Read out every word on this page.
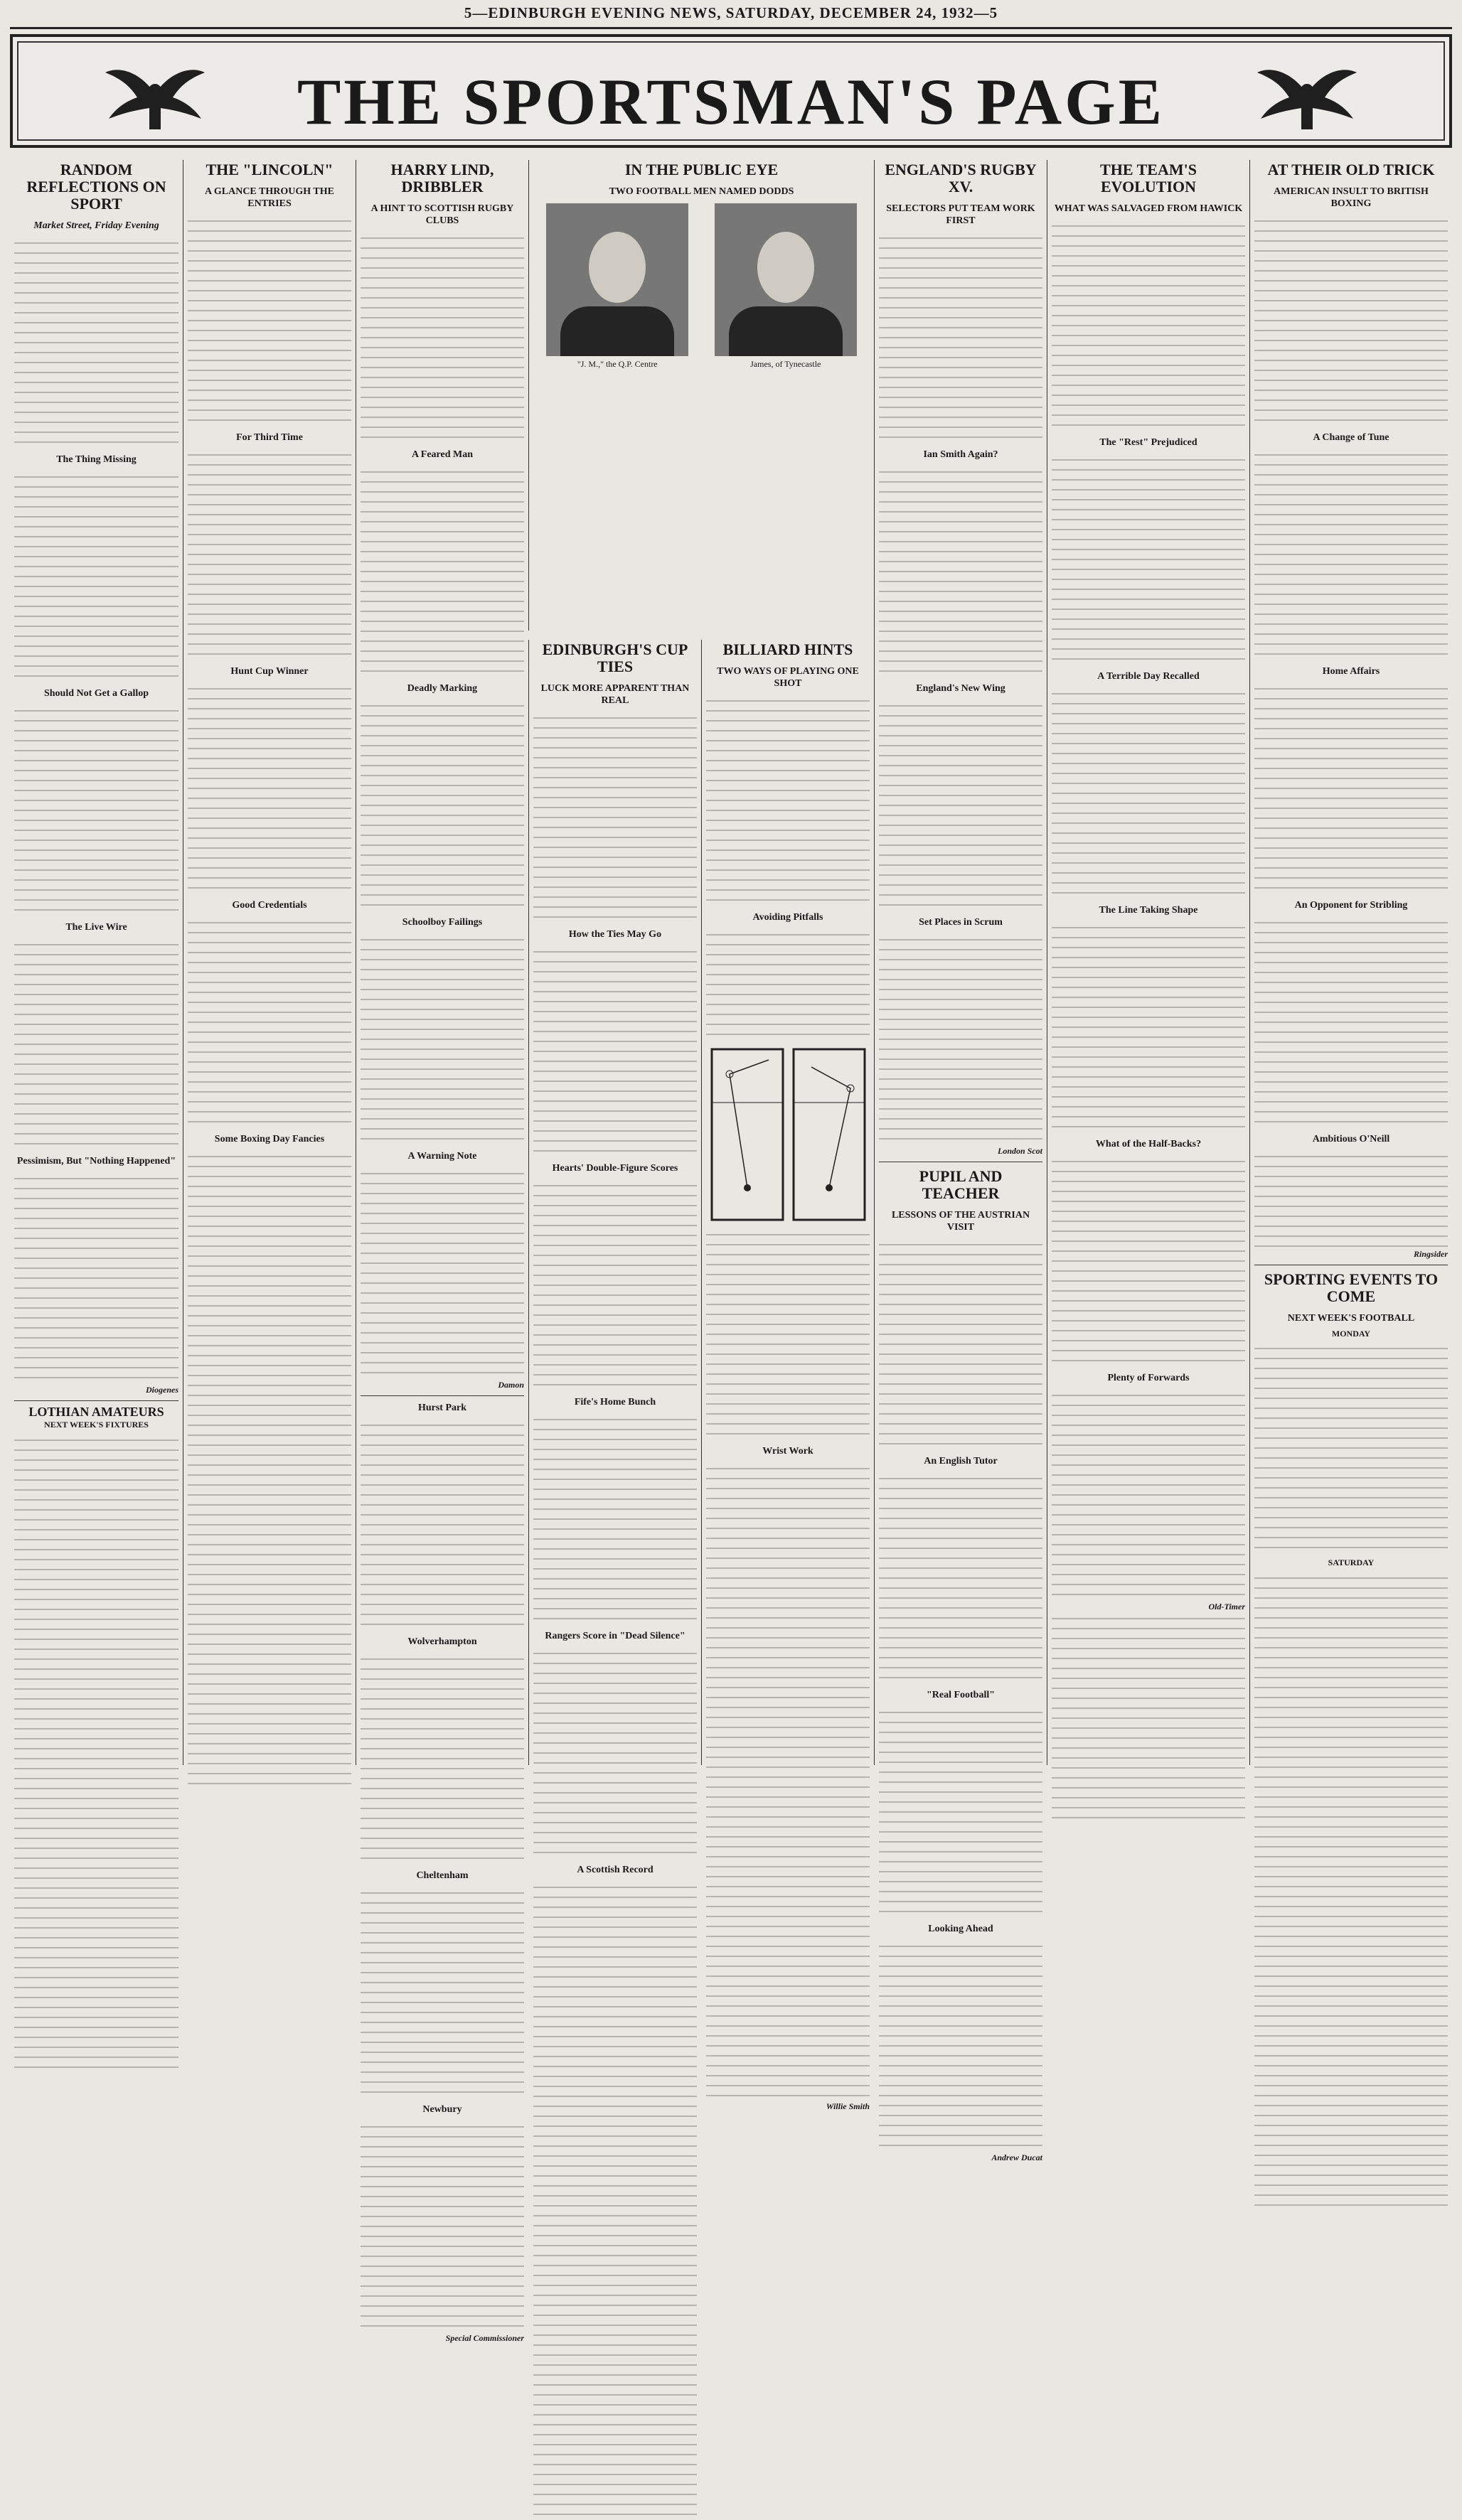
5—EDINBURGH EVENING NEWS, SATURDAY, DECEMBER 24, 1932—5
THE SPORTSMAN'S PAGE
RANDOM REFLECTIONS ON SPORT
Market Street, Friday Evening
The Thing Missing
Should Not Get a Gallop
The Live Wire
Pessimism, But "Nothing Happened"
Diogenes
LOTHIAN AMATEURS
NEXT WEEK'S FIXTURES
THE "LINCOLN"
A GLANCE THROUGH THE ENTRIES
For Third Time
Hunt Cup Winner
Good Credentials
Some Boxing Day Fancies
HARRY LIND, DRIBBLER
A HINT TO SCOTTISH RUGBY CLUBS
A Feared Man
Deadly Marking
Schoolboy Failings
A Warning Note
Damon
Hurst Park
Wolverhampton
Cheltenham
Newbury
Special Commissioner
IN THE PUBLIC EYE
TWO FOOTBALL MEN NAMED DODDS
"J. M.," the Q.P. Centre	James, of Tynecastle
EDINBURGH'S CUP TIES
LUCK MORE APPARENT THAN REAL
How the Ties May Go
Hearts' Double-Figure Scores
Fife's Home Bunch
Rangers Score in "Dead Silence"
A Scottish Record
BILLIARD HINTS
TWO WAYS OF PLAYING ONE SHOT
Avoiding Pitfalls
Wrist Work
Willie Smith
ENGLAND'S RUGBY XV.
SELECTORS PUT TEAM WORK FIRST
Ian Smith Again?
England's New Wing
Set Places in Scrum
London Scot
PUPIL AND TEACHER
LESSONS OF THE AUSTRIAN VISIT
An English Tutor
"Real Football"
Looking Ahead
Andrew Ducat
THE TEAM'S EVOLUTION
WHAT WAS SALVAGED FROM HAWICK
The "Rest" Prejudiced
A Terrible Day Recalled
The Line Taking Shape
What of the Half-Backs?
Plenty of Forwards
Old-Timer
AT THEIR OLD TRICK
AMERICAN INSULT TO BRITISH BOXING
A Change of Tune
Home Affairs
An Opponent for Stribling
Ambitious O'Neill
Ringsider
SPORTING EVENTS TO COME
NEXT WEEK'S FOOTBALL
MONDAY
SATURDAY
